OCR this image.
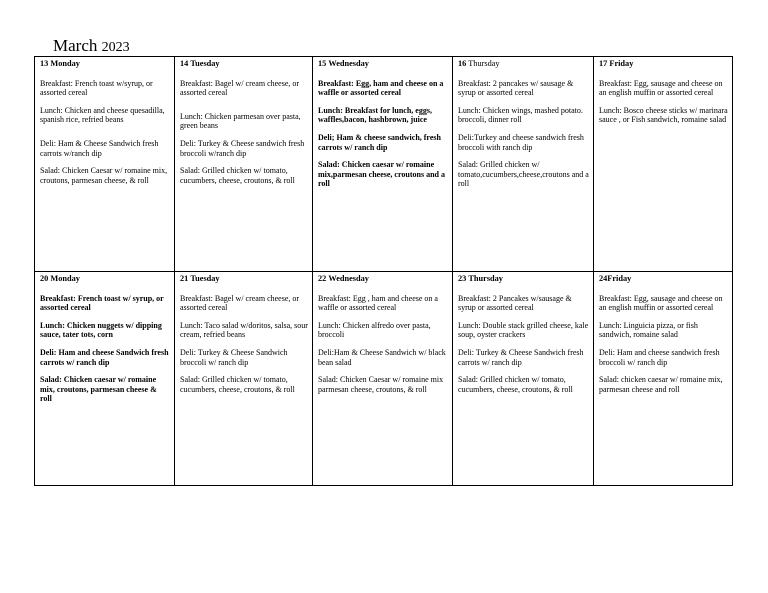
March 2023
13 Monday

Breakfast: French toast w/syrup, or assorted cereal

Lunch: Chicken and cheese quesadilla, spanish rice, refried beans

Deli: Ham & Cheese Sandwich fresh carrots w/ranch dip

Salad: Chicken Caesar w/ romaine mix, croutons, parmesan cheese, & roll

14 Tuesday

Breakfast: Bagel w/ cream cheese, or assorted cereal

Lunch: Chicken parmesan over pasta, green beans

Deli: Turkey & Cheese sandwich fresh broccoli w/ranch dip

Salad: Grilled chicken w/ tomato, cucumbers, cheese, croutons, & roll

15 Wednesday

Breakfast: Egg, ham and cheese on a waffle or assorted cereal

Lunch: Breakfast for lunch, eggs, waffles,bacon, hashbrown, juice

Deli; Ham & cheese sandwich, fresh carrots w/ ranch dip

Salad: Chicken caesar w/ romaine mix,parmesan cheese, croutons and a roll

16 Thursday

Breakfast: 2 pancakes w/ sausage & syrup or assorted cereal

Lunch: Chicken wings, mashed potato. broccoli, dinner roll

Deli:Turkey and cheese sandwich fresh broccoli with ranch dip

Salad: Grilled chicken w/ tomato,cucumbers,cheese,croutons and a roll

17 Friday

Breakfast: Egg, sausage and cheese on an english muffin or assorted cereal

Lunch: Bosco cheese sticks w/ marinara sauce , or Fish sandwich, romaine salad

20 Monday

Breakfast: French toast w/ syrup, or assorted cereal

Lunch: Chicken nuggets w/ dipping sauce, tater tots, corn

Deli: Ham and cheese Sandwich fresh carrots w/ ranch dip

Salad: Chicken caesar w/ romaine mix, croutons, parmesan cheese & roll

21 Tuesday

Breakfast: Bagel w/ cream cheese, or assorted cereal

Lunch: Taco salad w/doritos, salsa, sour cream, refried beans

Deli: Turkey & Cheese Sandwich broccoli w/ ranch dip

Salad: Grilled chicken w/ tomato, cucumbers, cheese, croutons, & roll

22 Wednesday

Breakfast: Egg , ham and cheese on a waffle or assorted cereal

Lunch: Chicken alfredo over pasta, broccoli

Deli:Ham & Cheese Sandwich w/ black bean salad

Salad: Chicken Caesar w/ romaine mix parmesan cheese, croutons, & roll

23 Thursday

Breakfast: 2 Pancakes w/sausage & syrup or assorted cereal

Lunch: Double stack grilled cheese, kale soup, oyster crackers

Deli: Turkey & Cheese Sandwich fresh carrots w/ ranch dip

Salad: Grilled chicken w/ tomato, cucumbers, cheese, croutons, & roll

24Friday

Breakfast: Egg, sausage and cheese on an english muffin or assorted cereal

Lunch: Linguicia pizza, or fish sandwich, romaine salad

Deli: Ham and cheese sandwich fresh broccoli w/ ranch dip

Salad: chicken caesar w/ romaine mix, parmesan cheese and roll
